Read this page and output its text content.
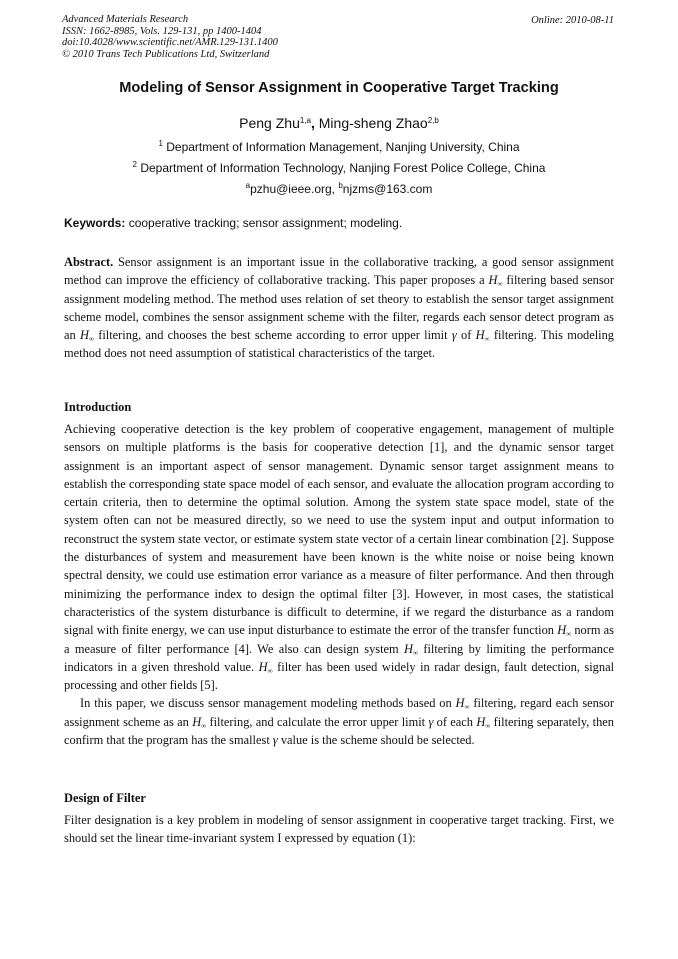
Advanced Materials Research
ISSN: 1662-8985, Vols. 129-131, pp 1400-1404
doi:10.4028/www.scientific.net/AMR.129-131.1400
© 2010 Trans Tech Publications Ltd, Switzerland
Online: 2010-08-11
Modeling of Sensor Assignment in Cooperative Target Tracking
Peng Zhu$^{1,a}$, Ming-sheng Zhao$^{2,b}$
$^1$ Department of Information Management, Nanjing University, China
$^2$ Department of Information Technology, Nanjing Forest Police College, China
$^a$pzhu@ieee.org, $^b$njzms@163.com
Keywords: cooperative tracking; sensor assignment; modeling.

Abstract. Sensor assignment is an important issue in the collaborative tracking, a good sensor assignment method can improve the efficiency of collaborative tracking. This paper proposes a $H_\infty$ filtering based sensor assignment modeling method. The method uses relation of set theory to establish the sensor target assignment scheme model, combines the sensor assignment scheme with the filter, regards each sensor detect program as an $H_\infty$ filtering, and chooses the best scheme according to error upper limit γ of $H_\infty$ filtering. This modeling method does not need assumption of statistical characteristics of the target.

Introduction

Achieving cooperative detection is the key problem of cooperative engagement, management of multiple sensors on multiple platforms is the basis for cooperative detection [1], and the dynamic sensor target assignment is an important aspect of sensor management. Dynamic sensor target assignment means to establish the corresponding state space model of each sensor, and evaluate the allocation program according to certain criteria, then to determine the optimal solution. Among the system state space model, state of the system often can not be measured directly, so we need to use the system input and output information to reconstruct the system state vector, or estimate system state vector of a certain linear combination [2]. Suppose the disturbances of system and measurement have been known is the white noise or noise being known spectral density, we could use estimation error variance as a measure of filter performance. And then through minimizing the performance index to design the optimal filter [3]. However, in most cases, the statistical characteristics of the system disturbance is difficult to determine, if we regard the disturbance as a random signal with finite energy, we can use input disturbance to estimate the error of the transfer function $H_\infty$ norm as a measure of filter performance [4]. We also can design system $H_\infty$ filtering by limiting the performance indicators in a given threshold value. $H_\infty$ filter has been used widely in radar design, fault detection, signal processing and other fields [5].

In this paper, we discuss sensor management modeling methods based on $H_\infty$ filtering, regard each sensor assignment scheme as an $H_\infty$ filtering, and calculate the error upper limit γ of each $H_\infty$ filtering separately, then confirm that the program has the smallest γ value is the scheme should be selected.

Design of Filter

Filter designation is a key problem in modeling of sensor assignment in cooperative target tracking. First, we should set the linear time-invariant system I expressed by equation (1):
